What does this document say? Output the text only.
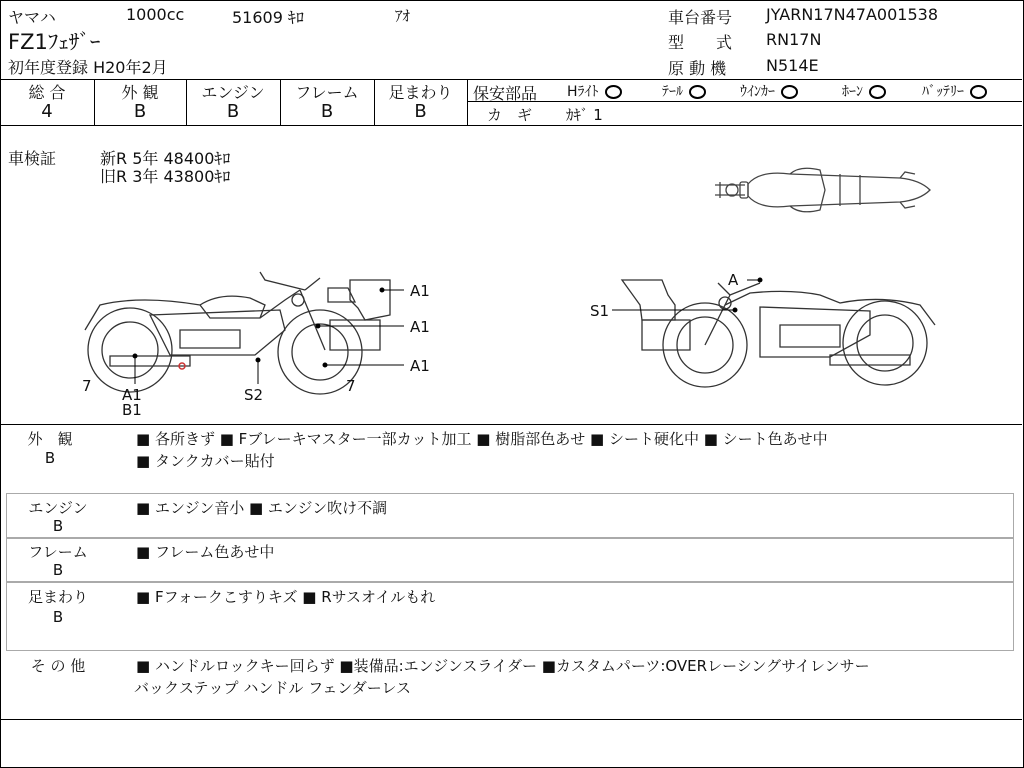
ヤマハ	1000cc	51609 ｷﾛ	ｱｵ
FZ1ﾌｪｻﾞｰ
初年度登録 H20年2月
車台番号 JYARN17N47A001538
型　　式 RN17N
原 動 機 N514E
総 合
4
外 観
B
エンジン
B
フレーム
B
足まわり
B
保安部品 Hﾗｲﾄ	ﾃｰﾙ	ｳｲﾝｶｰ	ﾎｰﾝ	ﾊﾞｯﾃﾘｰ
カ　ギ ｶｷﾞ 1
車検証	新R 5年 48400ｷﾛ
旧R 3年 43800ｷﾛ
A1
A1
A1
7 A1
B1
S2	7
A
S1
外　観
B
■ 各所きず ■ Fブレーキマスター一部カット加工 ■ 樹脂部色あせ ■ シート硬化中 ■ シート色あせ中
■ タンクカバー貼付
エンジン
B
■ エンジン音小 ■ エンジン吹け不調
フレーム
B
■ フレーム色あせ中
足まわり
B
■ Fフォークこすりキズ ■ Rサスオイルもれ
そ の 他	■ ハンドルロックキー回らず ■装備品:エンジンスライダー ■カスタムパーツ:OVERレーシングサイレンサー
バックステップ ハンドル フェンダーレス
